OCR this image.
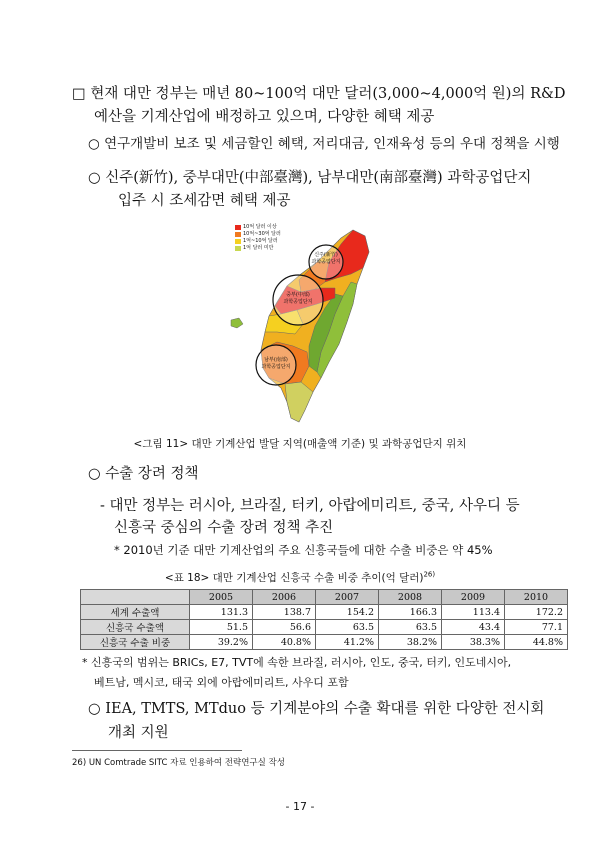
□ 현재 대만 정부는 매년 80~100억 대만 달러(3,000~4,000억 원)의 R&D
예산을 기계산업에 배정하고 있으며, 다양한 혜택 제공
○ 연구개발비 보조 및 세금할인 혜택, 저리대금, 인재육성 등의 우대 정책을 시행
○ 신주(新竹), 중부대만(中部臺灣), 남부대만(南部臺灣) 과학공업단지
입주 시 조세감면 혜택 제공
10억 달러 이상
10억~30억 달러
1억~10억 달러
1억 달러 미만
신주(新竹)
과학공업단지
중부(中部)
과학공업단지
남부(南部)
과학공업단지
<그림 11> 대만 기계산업 발달 지역(매출액 기준) 및 과학공업단지 위치
○ 수출 장려 정책
- 대만 정부는 러시아, 브라질, 터키, 아랍에미리트, 중국, 사우디 등
신흥국 중심의 수출 장려 정책 추진
* 2010년 기준 대만 기계산업의 주요 신흥국들에 대한 수출 비중은 약 45%
<표 18> 대만 기계산업 신흥국 수출 비중 추이(억 달러)$^{26)}$
	2005	2006	2007	2008	2009	2010
세계 수출액	131.3	138.7	154.2	166.3	113.4	172.2
신흥국 수출액	51.5	56.6	63.5	63.5	43.4	77.1
신흥국 수출 비중	39.2%	40.8%	41.2%	38.2%	38.3%	44.8%
* 신흥국의 범위는 BRICs, E7, TVT에 속한 브라질, 러시아, 인도, 중국, 터키, 인도네시아,
베트남, 멕시코, 태국 외에 아랍에미리트, 사우디 포함
○ IEA, TMTS, MTduo 등 기계분야의 수출 확대를 위한 다양한 전시회
개최 지원
26) UN Comtrade SITC 자료 인용하여 전략연구실 작성
- 17 -
